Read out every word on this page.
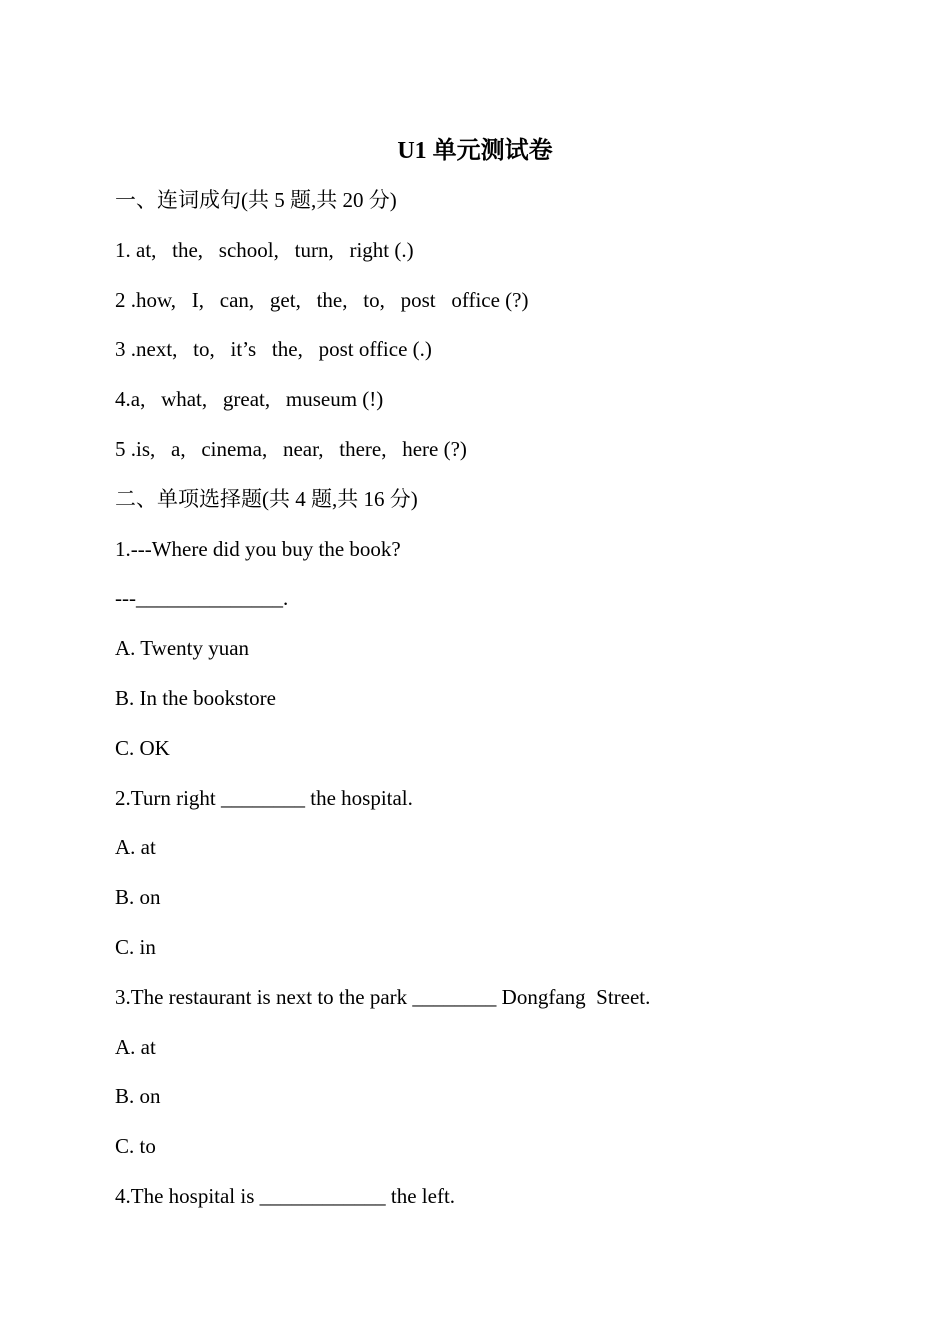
U1 单元测试卷
一、连词成句(共 5 题,共 20 分)
1. at,   the,   school,   turn,   right (.)
2 .how,   I,   can,   get,   the,   to,   post   office (?)
3 .next,   to,   it’s   the,   post office (.)
4.a,   what,   great,   museum (!)
5 .is,   a,   cinema,   near,   there,   here (?)
二、单项选择题(共 4 题,共 16 分)
1.---Where did you buy the book?
---______________.
A. Twenty yuan
B. In the bookstore
C. OK
2.Turn right ________ the hospital.
A. at
B. on
C. in
3.The restaurant is next to the park ________ Dongfang  Street.
A. at
B. on
C. to
4.The hospital is ____________ the left.
